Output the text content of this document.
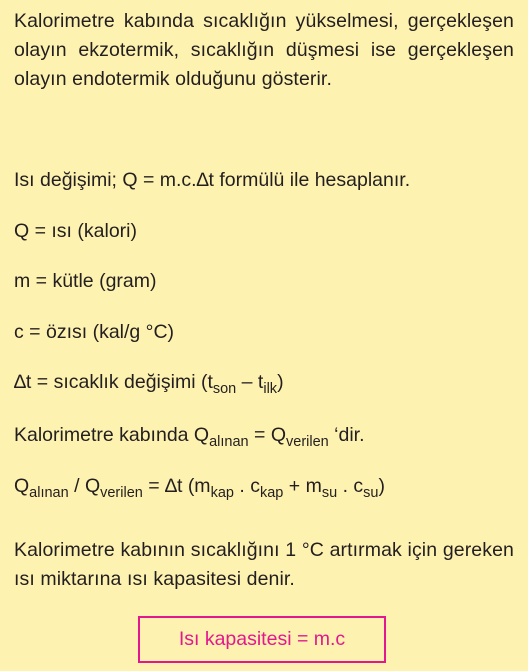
Kalorimetre kabında sıcaklığın yükselmesi, gerçekleşen olayın ekzotermik, sıcaklığın düşmesi ise gerçekleşen olayın endotermik olduğunu gösterir.
Isı değişimi; Q = m.c.∆t formülü ile hesaplanır.
Q = ısı (kalori)
m = kütle (gram)
c = özısı (kal/g °C)
∆t = sıcaklık değişimi $(t_{son} - t_{ilk})$
Kalorimetre kabında $Q_{alınan} = Q_{verilen}$ ‘dir.
$Q_{alınan} / Q_{verilen} = \Delta t$ ($m_{kap}$ . $c_{kap} + m_{su}$ . $c_{su}$)
Kalorimetre kabının sıcaklığını 1 °C artırmak için gereken ısı miktarına ısı kapasitesi denir.
Isı kapasitesi = m.c
